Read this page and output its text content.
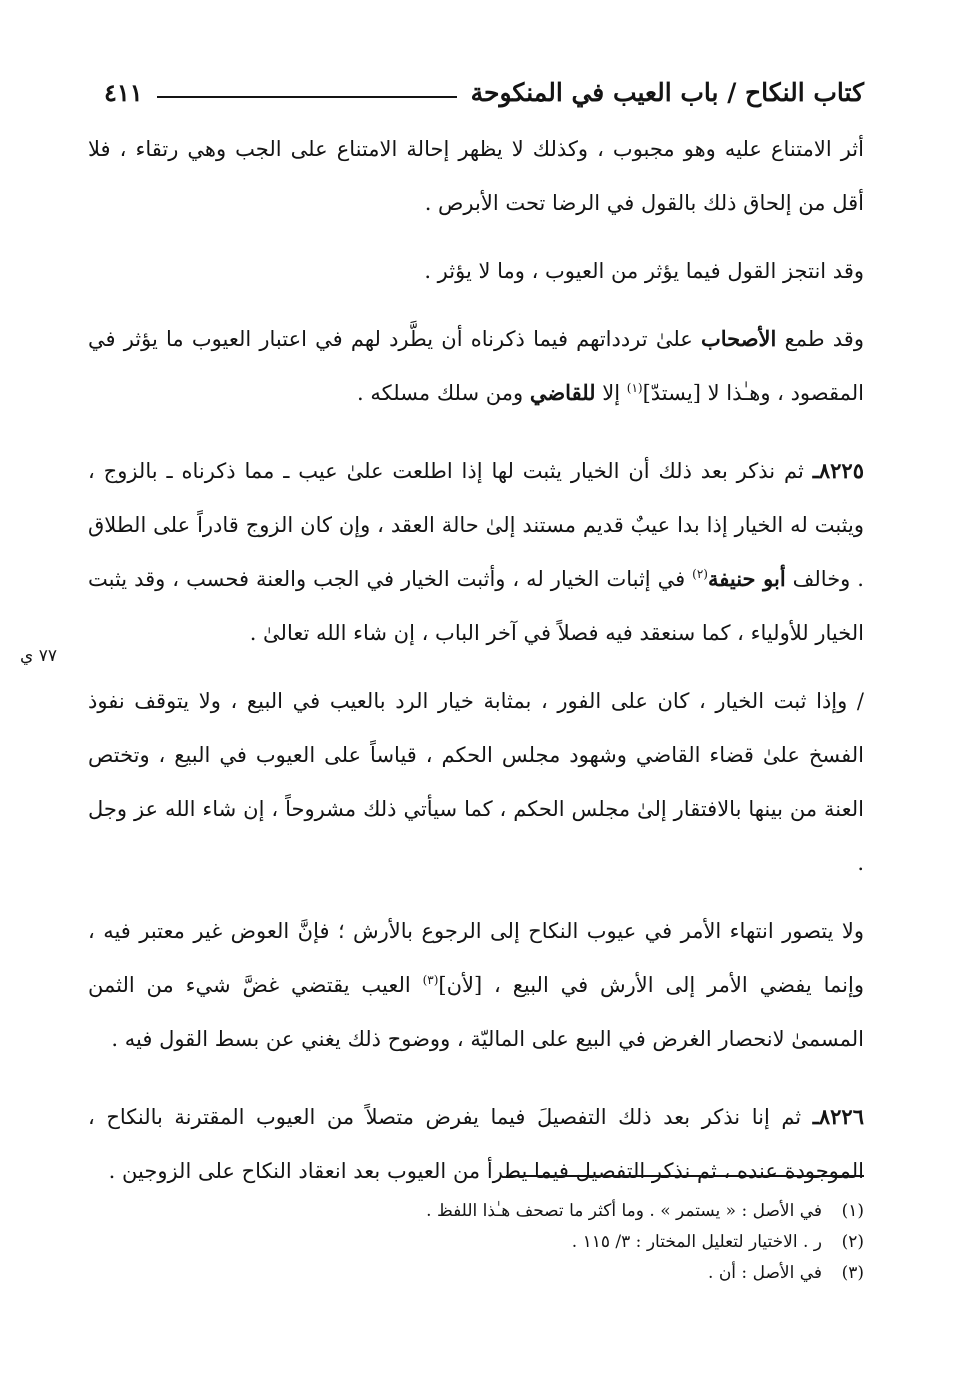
كتاب النكاح / باب العيب في المنكوحة
٤١١
٧٧ ي

أثر الامتناع عليه وهو مجبوب ، وكذلك لا يظهر إحالة الامتناع على الجب وهي رتقاء ، فلا أقل من إلحاق ذلك بالقول في الرضا تحت الأبرص .

وقد انتجز القول فيما يؤثر من العيوب ، وما لا يؤثر .

وقد طمع الأصحاب علىٰ تردداتهم فيما ذكرناه أن يطَّرد لهم في اعتبار العيوب ما يؤثر في المقصود ، وهـٰذا لا [يستدّ]$^{(١)}$ إلا للقاضي ومن سلك مسلكه .

٨٢٢٥ـ ثم نذكر بعد ذلك أن الخيار يثبت لها إذا اطلعت علىٰ عيب ـ مما ذكرناه ـ بالزوج ، ويثبت له الخيار إذا بدا عيبٌ قديم مستند إلىٰ حالة العقد ، وإن كان الزوج قادراً على الطلاق . وخالف أبو حنيفة$^{(٢)}$ في إثبات الخيار له ، وأثبت الخيار في الجب والعنة فحسب ، وقد يثبت الخيار للأولياء ، كما سنعقد فيه فصلاً في آخر الباب ، إن شاء الله تعالىٰ .

/ وإذا ثبت الخيار ، كان على الفور ، بمثابة خيار الرد بالعيب في البيع ، ولا يتوقف نفوذ الفسخ علىٰ قضاء القاضي وشهود مجلس الحكم ، قياساً على العيوب في البيع ، وتختص العنة من بينها بالافتقار إلىٰ مجلس الحكم ، كما سيأتي ذلك مشروحاً ، إن شاء الله عز وجل .

ولا يتصور انتهاء الأمر في عيوب النكاح إلى الرجوع بالأرش ؛ فإنَّ العوض غير معتبر فيه ، وإنما يفضي الأمر إلى الأرش في البيع ، [لأن]$^{(٣)}$ العيب يقتضي غضَّ شيء من الثمن المسمىٰ لانحصار الغرض في البيع على الماليّة ، ووضوح ذلك يغني عن بسط القول فيه .

٨٢٢٦ـ ثم إنا نذكر بعد ذلك التفصيلَ فيما يفرض متصلاً من العيوب المقترنة بالنكاح ، الموجودة عنده ، ثم نذكر التفصيل فيما يطرأ من العيوب بعد انعقاد النكاح على الزوجين .

(١)
في الأصل : « يستمر » . وما أكثر ما تصحف هـٰذا اللفظ .
(٢)
ر . الاختيار لتعليل المختار : ٣/ ١١٥ .
(٣)
في الأصل : أن .
